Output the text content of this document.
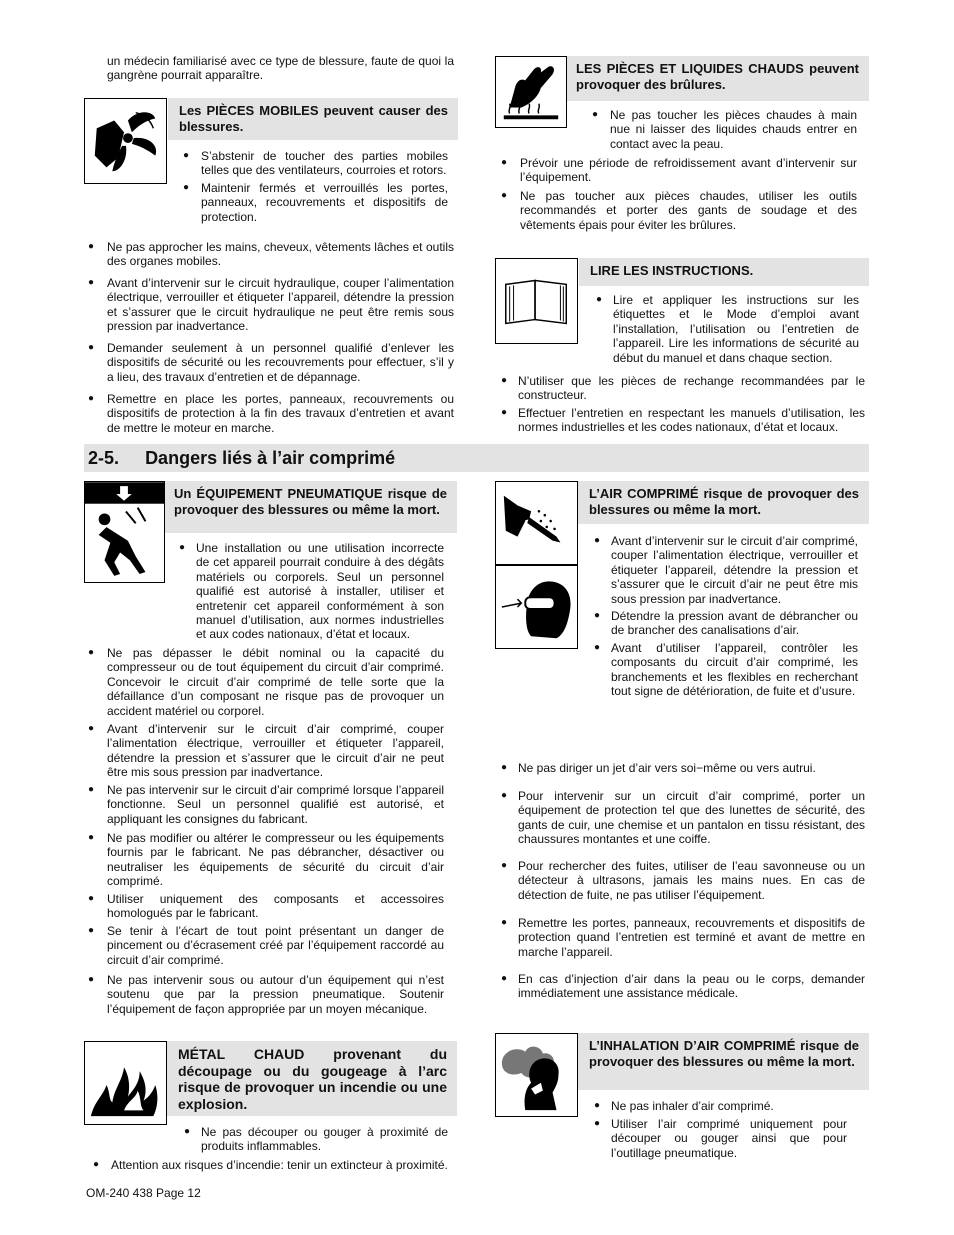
un médecin familiarisé avec ce type de blessure, faute de quoi la gangrène pourrait apparaître.
Les PIÈCES MOBILES peuvent causer des blessures.
● S’abstenir de toucher des parties mobiles telles que des ventilateurs, courroies et rotors.
● Maintenir fermés et verrouillés les portes, panneaux, recouvrements et dispositifs de protection.
● Ne pas approcher les mains, cheveux, vêtements lâches et outils des organes mobiles.
● Avant d’intervenir sur le circuit hydraulique, couper l’alimentation électrique, verrouiller et étiqueter l’appareil, détendre la pression et s’assurer que le circuit hydraulique ne peut être remis sous pression par inadvertance.
● Demander seulement à un personnel qualifié d’enlever les dispositifs de sécurité ou les recouvrements pour effectuer, s’il y a lieu, des travaux d’entretien et de dépannage.
● Remettre en place les portes, panneaux, recouvrements ou dispositifs de protection à la fin des travaux d’entretien et avant de mettre le moteur en marche.
LES PIÈCES ET LIQUIDES CHAUDS peuvent provoquer des brûlures.
● Ne pas toucher les pièces chaudes à main nue ni laisser des liquides chauds entrer en contact avec la peau.
● Prévoir une période de refroidissement avant d’intervenir sur l’équipement.
● Ne pas toucher aux pièces chaudes, utiliser les outils recommandés et porter des gants de soudage et des vêtements épais pour éviter les brûlures.
LIRE LES INSTRUCTIONS.
● Lire et appliquer les instructions sur les étiquettes et le Mode d’emploi avant l’installation, l’utilisation ou l’entretien de l’appareil. Lire les informations de sécurité au début du manuel et dans chaque section.
● N’utiliser que les pièces de rechange recommandées par le constructeur.
● Effectuer l’entretien en respectant les manuels d’utilisation, les normes industrielles et les codes nationaux, d’état et locaux.
2-5. Dangers liés à l’air comprimé
Un ÉQUIPEMENT PNEUMATIQUE risque de provoquer des blessures ou même la mort.
● Une installation ou une utilisation incorrecte de cet appareil pourrait conduire à des dégâts matériels ou corporels. Seul un personnel qualifié est autorisé à installer, utiliser et entretenir cet appareil conformément à son manuel d’utilisation, aux normes industrielles et aux codes nationaux, d’état et locaux.
● Ne pas dépasser le débit nominal ou la capacité du compresseur ou de tout équipement du circuit d’air comprimé. Concevoir le circuit d’air comprimé de telle sorte que la défaillance d’un composant ne risque pas de provoquer un accident matériel ou corporel.
● Avant d’intervenir sur le circuit d’air comprimé, couper l’alimentation électrique, verrouiller et étiqueter l’appareil, détendre la pression et s’assurer que le circuit d’air ne peut être mis sous pression par inadvertance.
● Ne pas intervenir sur le circuit d’air comprimé lorsque l’appareil fonctionne. Seul un personnel qualifié est autorisé, et appliquant les consignes du fabricant.
● Ne pas modifier ou altérer le compresseur ou les équipements fournis par le fabricant. Ne pas débrancher, désactiver ou neutraliser les équipements de sécurité du circuit d’air comprimé.
● Utiliser uniquement des composants et accessoires homologués par le fabricant.
● Se tenir à l’écart de tout point présentant un danger de pincement ou d’écrasement créé par l’équipement raccordé au circuit d’air comprimé.
● Ne pas intervenir sous ou autour d’un équipement qui n’est soutenu que par la pression pneumatique. Soutenir l’équipement de façon appropriée par un moyen mécanique.
MÉTAL CHAUD provenant du découpage ou du gougeage à l’arc risque de provoquer un incendie ou une explosion.
● Ne pas découper ou gouger à proximité de produits inflammables.
● Attention aux risques d’incendie: tenir un extincteur à proximité.
L’AIR COMPRIMÉ risque de provoquer des blessures ou même la mort.
● Avant d’intervenir sur le circuit d’air comprimé, couper l’alimentation électrique, verrouiller et étiqueter l’appareil, détendre la pression et s’assurer que le circuit d’air ne peut être mis sous pression par inadvertance.
● Détendre la pression avant de débrancher ou de brancher des canalisations d’air.
● Avant d’utiliser l’appareil, contrôler les composants du circuit d’air comprimé, les branchements et les flexibles en recherchant tout signe de détérioration, de fuite et d’usure.
● Ne pas diriger un jet d’air vers soi−même ou vers autrui.
● Pour intervenir sur un circuit d’air comprimé, porter un équipement de protection tel que des lunettes de sécurité, des gants de cuir, une chemise et un pantalon en tissu résistant, des chaussures montantes et une coiffe.
● Pour rechercher des fuites, utiliser de l’eau savonneuse ou un détecteur à ultrasons, jamais les mains nues. En cas de détection de fuite, ne pas utiliser l’équipement.
● Remettre les portes, panneaux, recouvrements et dispositifs de protection quand l’entretien est terminé et avant de mettre en marche l’appareil.
● En cas d’injection d’air dans la peau ou le corps, demander immédiatement une assistance médicale.
L’INHALATION D’AIR COMPRIMÉ risque de provoquer des blessures ou même la mort.
● Ne pas inhaler d’air comprimé.
● Utiliser l’air comprimé uniquement pour découper ou gouger ainsi que pour l’outillage pneumatique.
OM-240 438 Page 12
